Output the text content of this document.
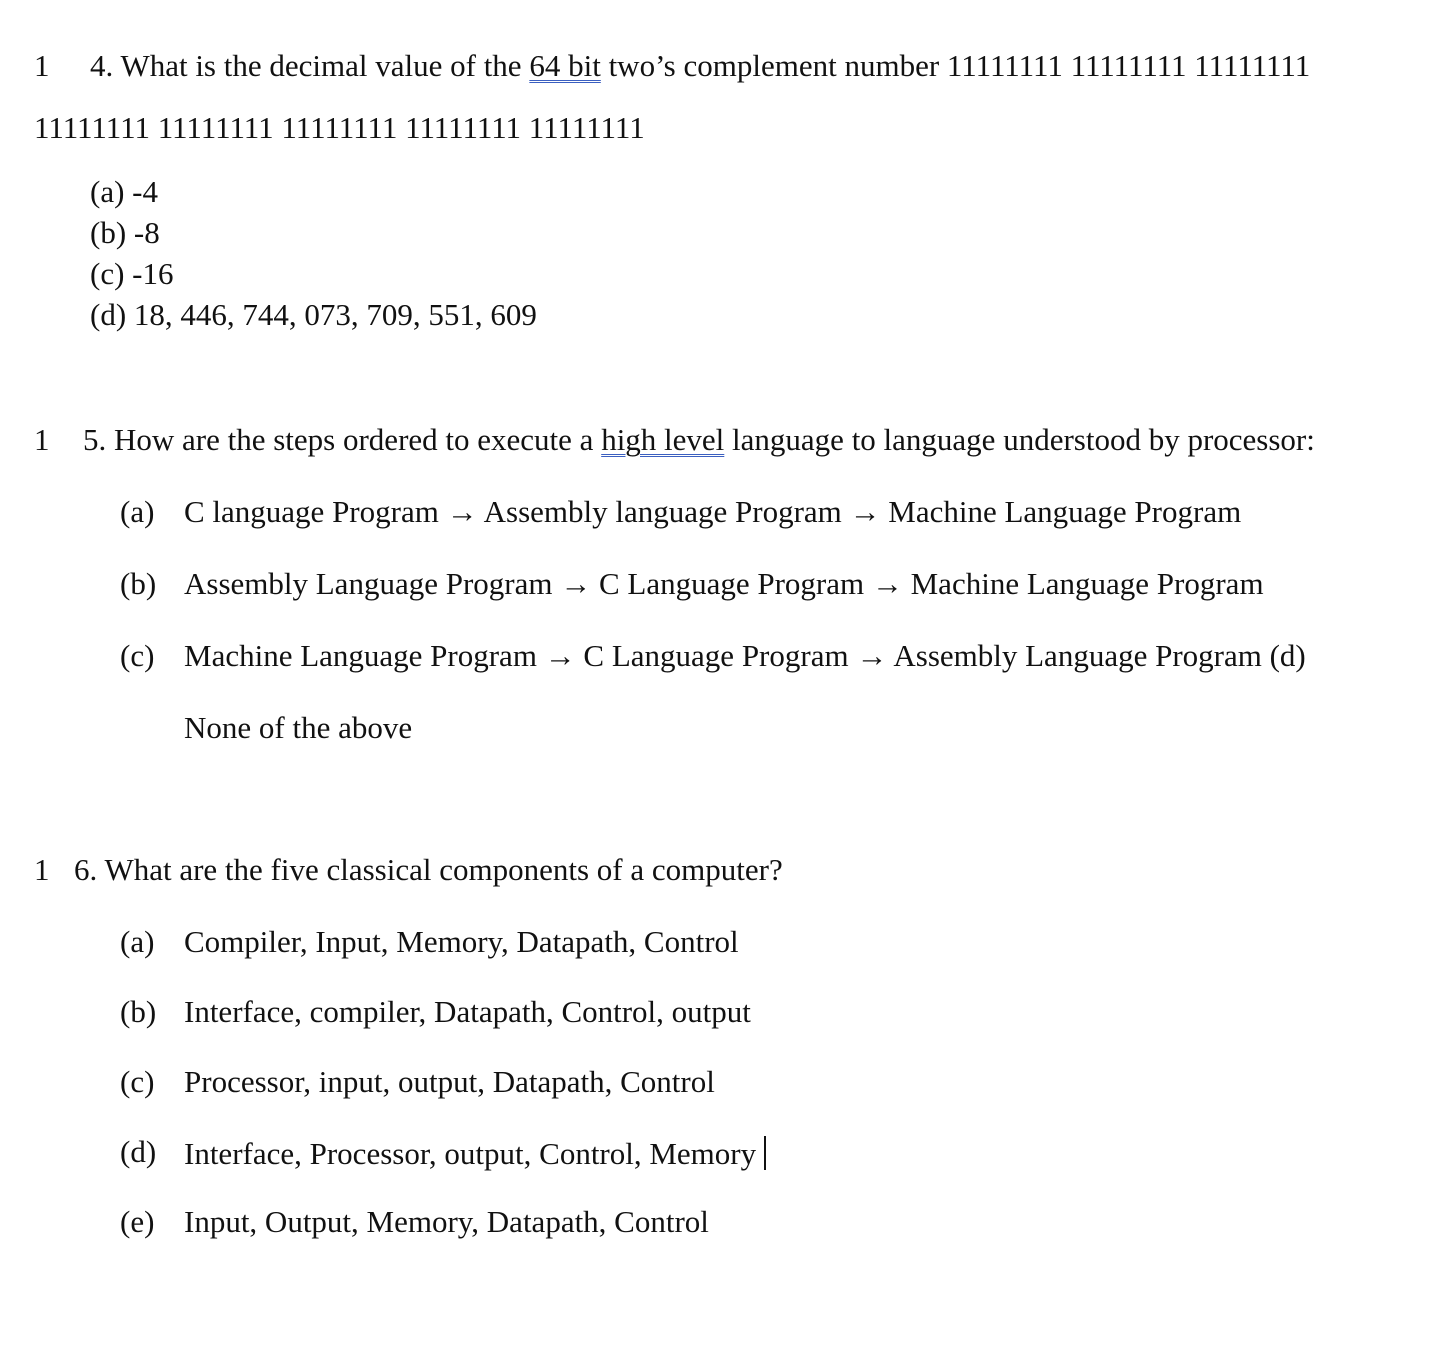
1 4. What is the decimal value of the 64 bit two’s complement number 11111111 11111111 11111111
11111111 11111111 11111111 11111111 11111111
(a) -4
(b) -8
(c) -16
(d) 18, 446, 744, 073, 709, 551, 609
1 5. How are the steps ordered to execute a high level language to language understood by processor:
(a) C language Program → Assembly language Program → Machine Language Program
(b) Assembly Language Program → C Language Program → Machine Language Program
(c) Machine Language Program → C Language Program → Assembly Language Program (d)
None of the above
1 6. What are the five classical components of a computer?
(a) Compiler, Input, Memory, Datapath, Control
(b) Interface, compiler, Datapath, Control, output
(c) Processor, input, output, Datapath, Control
(d) Interface, Processor, output, Control, Memory
(e) Input, Output, Memory, Datapath, Control
